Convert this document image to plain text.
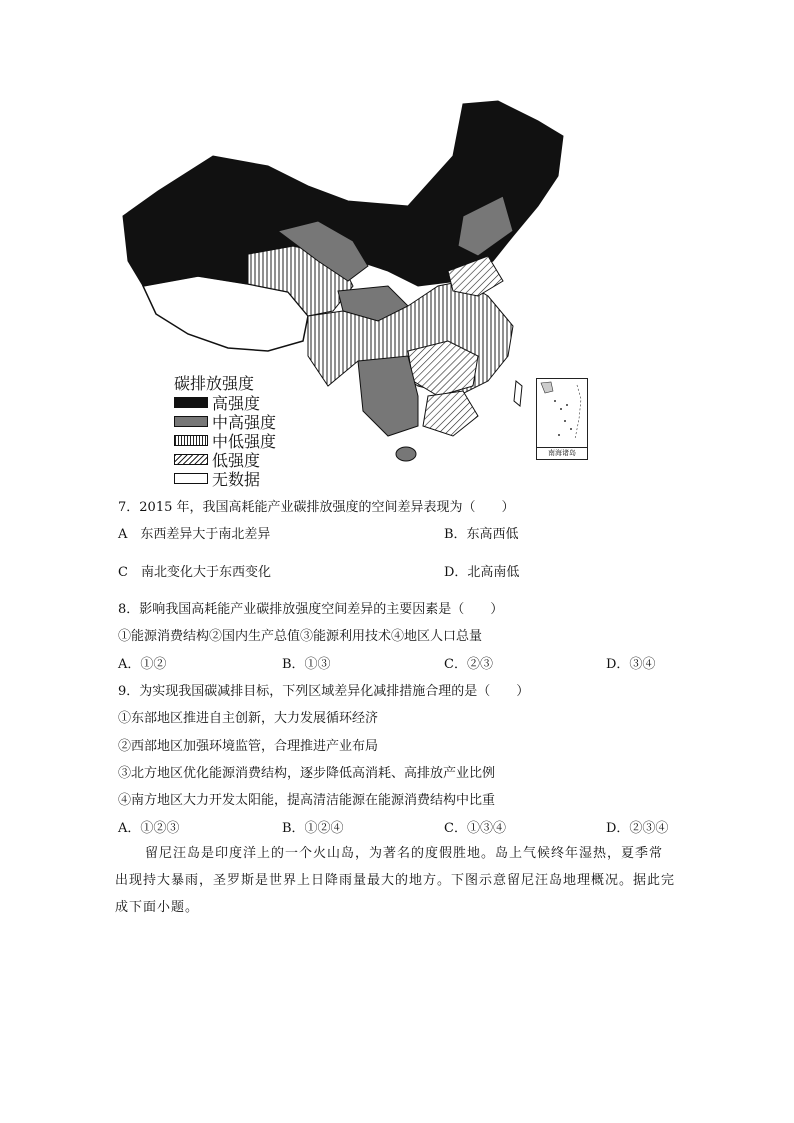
碳排放强度
高强度
中高强度
中低强度
低强度
无数据
南海诸岛
7．2015 年，我国高耗能产业碳排放强度的空间差异表现为（　　）
A　东西差异大于南北差异	B．东高西低
C　南北变化大于东西变化	D．北高南低
8．影响我国高耗能产业碳排放强度空间差异的主要因素是（　　）
①能源消费结构②国内生产总值③能源利用技术④地区人口总量
A．①②	B．①③	C．②③	D．③④
9．为实现我国碳减排目标，下列区域差异化减排措施合理的是（　　）
①东部地区推进自主创新，大力发展循环经济
②西部地区加强环境监管，合理推进产业布局
③北方地区优化能源消费结构，逐步降低高消耗、高排放产业比例
④南方地区大力开发太阳能，提高清洁能源在能源消费结构中比重
A．①②③	B．①②④	C．①③④	D．②③④
留尼汪岛是印度洋上的一个火山岛，为著名的度假胜地。岛上气候终年湿热，夏季常出现持大暴雨，圣罗斯是世界上日降雨量最大的地方。下图示意留尼汪岛地理概况。据此完成下面小题。
